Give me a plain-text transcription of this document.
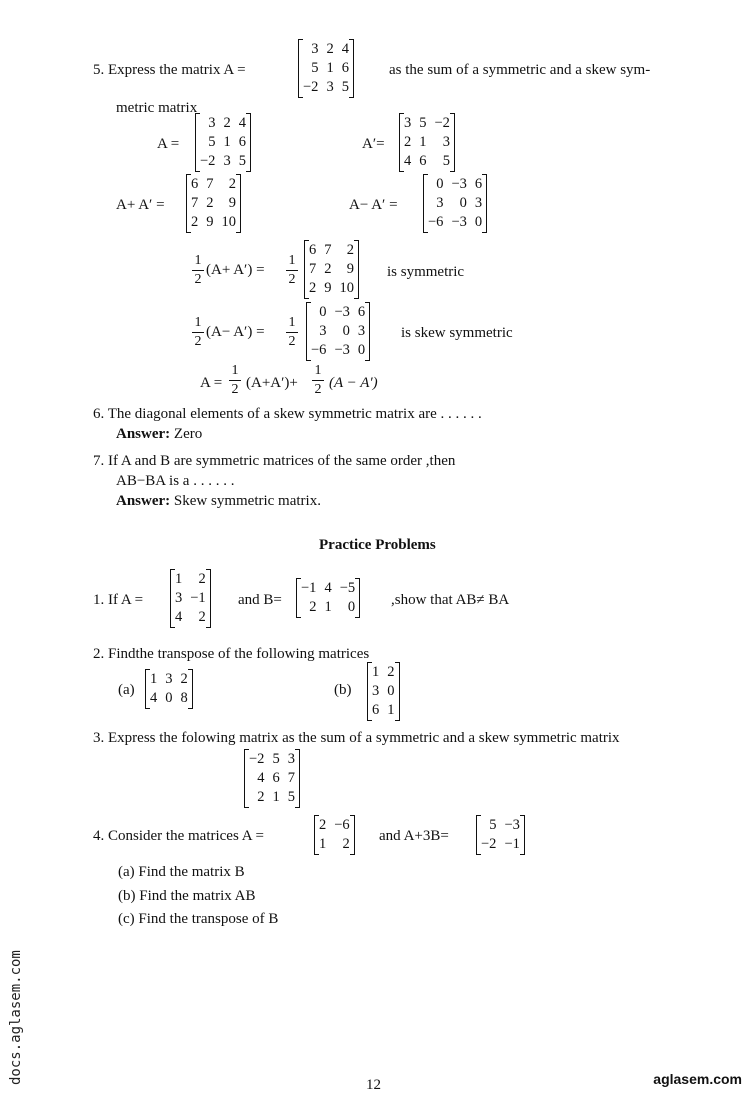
5. Express the matrix A =
3	2	4
5	1	6
−2	3	5
as the sum of a symmetric and a skew sym-
metric matrix
A =
3	2	4
5	1	6
−2	3	5
A′=
3	5	−2
2	1	3
4	6	5
A+ A′ =
6	7	2
7	2	9
2	9	10
A− A′ =
0	−3	6
3	0	3
−6	−3	0
1
2
(A+ A′) =
1
2
6	7	2
7	2	9
2	9	10
is symmetric
1
2
(A− A′) =
1
2
0	−3	6
3	0	3
−6	−3	0
is skew symmetric
A =
1
2 (A+A′)+
1
2 (A − A′)
6. The diagonal elements of a skew symmetric matrix are . . . . . .
Answer: Zero
7. If A and B are symmetric matrices of the same order ,then
AB−BA is a . . . . . .
Answer: Skew symmetric matrix.
Practice Problems
1. If A =
1	2
3	−1
4	2
and B=
−1	4	−5
2	1	0 ,show that AB≠ BA
2. Findthe transpose of the following matrices
(a)
1	3	2
4	0	8	(b)
1	2
3	0
6	1
3. Express the folowing matrix as the sum of a symmetric and a skew symmetric matrix
−2	5	3
4	6	7
2	1	5
4. Consider the matrices A =
2	−6
1	2 and A+3B=
5	−3
−2	−1
(a) Find the matrix B
(b) Find the matrix AB
(c) Find the transpose of B
docs.aglasem.com	12	aglasem.com
